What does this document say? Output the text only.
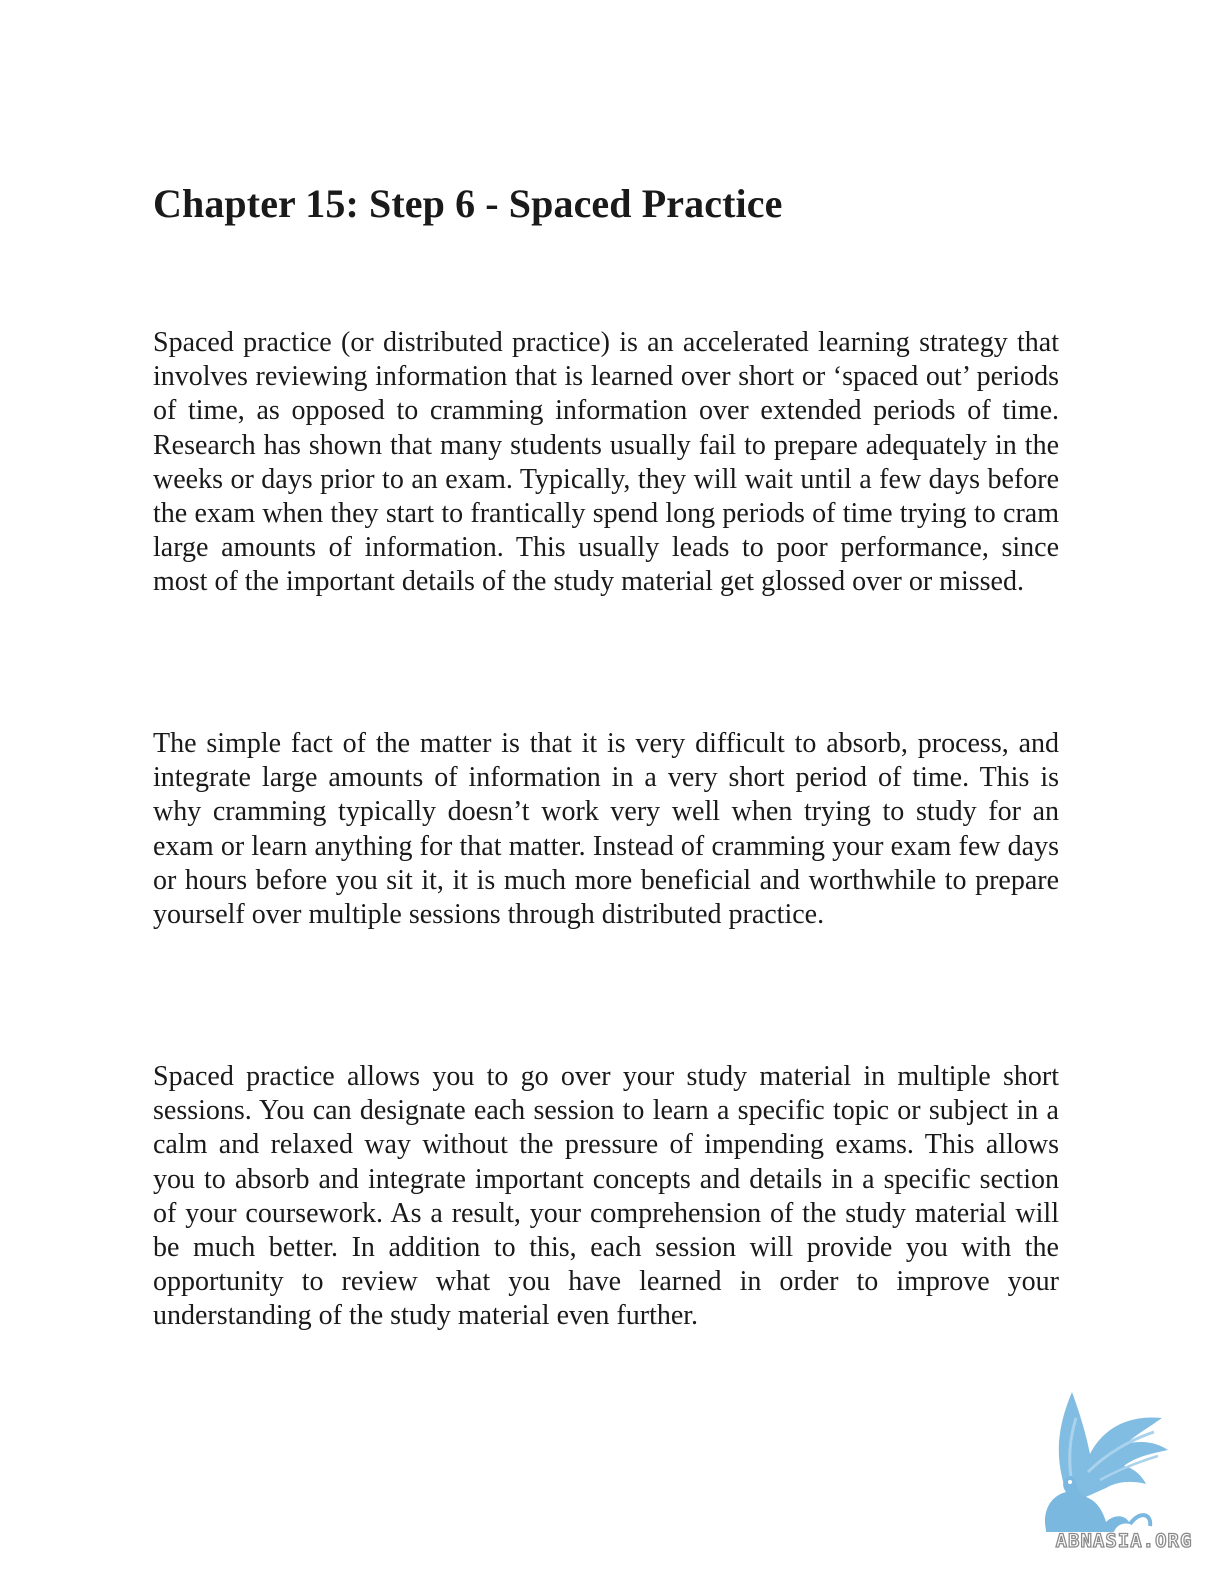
Chapter 15: Step 6 - Spaced Practice

Spaced practice (or distributed practice) is an accelerated learning strategy that involves reviewing information that is learned over short or ‘spaced out’ periods of time, as opposed to cramming information over extended periods of time. Research has shown that many students usually fail to prepare adequately in the weeks or days prior to an exam. Typically, they will wait until a few days before the exam when they start to frantically spend long periods of time trying to cram large amounts of information. This usually leads to poor performance, since most of the important details of the study material get glossed over or missed.

The simple fact of the matter is that it is very difficult to absorb, process, and integrate large amounts of information in a very short period of time. This is why cramming typically doesn’t work very well when trying to study for an exam or learn anything for that matter. Instead of cramming your exam few days or hours before you sit it, it is much more beneficial and worthwhile to prepare yourself over multiple sessions through distributed practice.

Spaced practice allows you to go over your study material in multiple short sessions. You can designate each session to learn a specific topic or subject in a calm and relaxed way without the pressure of impending exams. This allows you to absorb and integrate important concepts and details in a specific section of your coursework. As a result, your comprehension of the study material will be much better. In addition to this, each session will provide you with the opportunity to review what you have learned in order to improve your understanding of the study material even further.

ABNASIA.ORG
